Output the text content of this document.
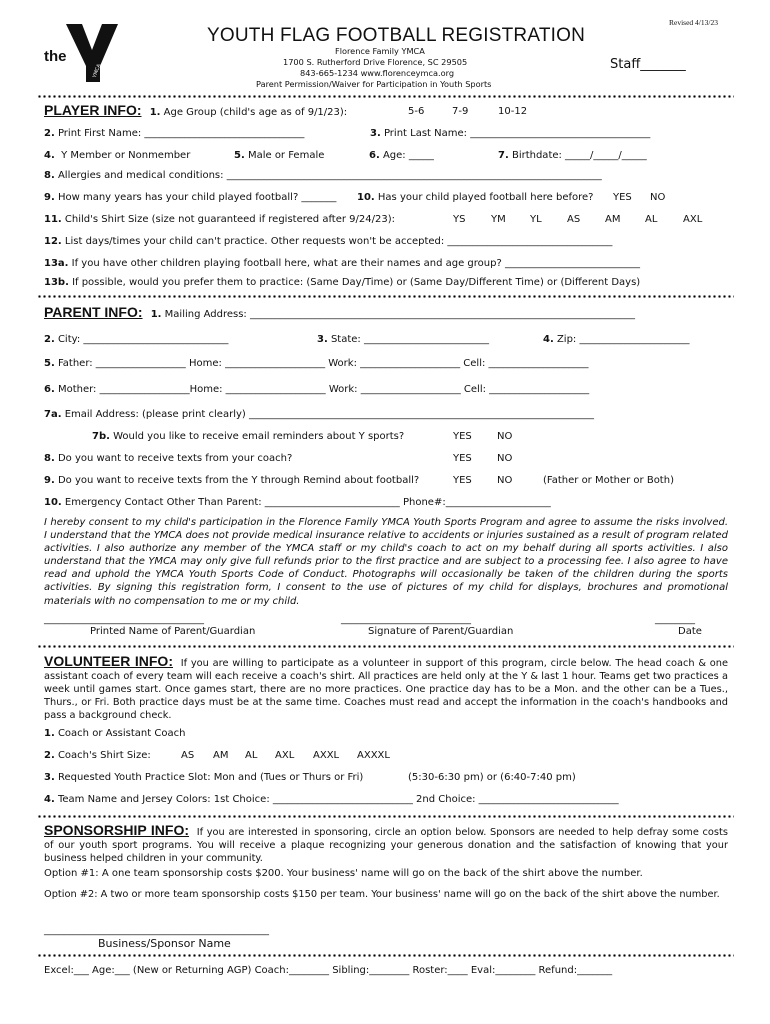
the
YMCA
YOUTH FLAG FOOTBALL REGISTRATION
Revised 4/13/23
Florence Family YMCA
1700 S. Rutherford Drive Florence, SC 29505
843-665-1234 www.florenceymca.org
Parent Permission/Waiver for Participation in Youth Sports
Staff_______
PLAYER INFO: 1. Age Group (child's age as of 9/1/23):	5-6	7-9	10-12
2. Print First Name: ________________________________	3. Print Last Name: ____________________________________
4. Y Member or Nonmember	5. Male or Female	6. Age: _____	7. Birthdate: _____/_____/_____
8. Allergies and medical conditions: ___________________________________________________________________________
9. How many years has your child played football? _______ 10. Has your child played football here before? YES NO
11. Child's Shirt Size (size not guaranteed if registered after 9/24/23):	YS	YM YL	AS AM AL	AXL
12. List days/times your child can't practice. Other requests won't be accepted: _________________________________
13a. If you have other children playing football here, what are their names and age group? ___________________________
13b. If possible, would you prefer them to practice: (Same Day/Time) or (Same Day/Different Time) or (Different Days)
PARENT INFO: 1. Mailing Address: _____________________________________________________________________________
2. City: _____________________________	3. State: _________________________	4. Zip: ______________________
5. Father: __________________ Home: ____________________ Work: ____________________ Cell: ____________________
6. Mother: __________________Home: ____________________ Work: ____________________ Cell: ____________________
7a. Email Address: (please print clearly) _____________________________________________________________________
7b. Would you like to receive email reminders about Y sports?	YES	NO
8. Do you want to receive texts from your coach?	YES	NO
9. Do you want to receive texts from the Y through Remind about football?	YES	NO	(Father or Mother or Both)
10. Emergency Contact Other Than Parent: ___________________________ Phone#:_____________________
I hereby consent to my child's participation in the Florence Family YMCA Youth Sports Program and agree to assume the risks involved. I understand that the YMCA does not provide medical insurance relative to accidents or injuries sustained as a result of program related activities. I also authorize any member of the YMCA staff or my child's coach to act on my behalf during all sports activities. I also understand that the YMCA may only give full refunds prior to the first practice and are subject to a processing fee. I also agree to have read and uphold the YMCA Youth Sports Code of Conduct. Photographs will occasionally be taken of the children during the sports activities. By signing this registration form, I consent to the use of pictures of my child for displays, brochures and promotional materials with no compensation to me or my child.
________________________________	__________________________	________
Printed Name of Parent/Guardian	Signature of Parent/Guardian	Date
VOLUNTEER INFO: If you are willing to participate as a volunteer in support of this program, circle below. The head coach & one assistant coach of every team will each receive a coach's shirt. All practices are held only at the Y & last 1 hour. Teams get two practices a week until games start. Once games start, there are no more practices. One practice day has to be a Mon. and the other can be a Tues., Thurs., or Fri. Both practice days must be at the same time. Coaches must read and accept the information in the coach's handbooks and pass a background check.
1. Coach or Assistant Coach
2. Coach's Shirt Size:	AS AM AL AXL AXXL AXXXL
3. Requested Youth Practice Slot: Mon and (Tues or Thurs or Fri)	(5:30-6:30 pm) or (6:40-7:40 pm)
4. Team Name and Jersey Colors: 1st Choice: ____________________________ 2nd Choice: ____________________________
SPONSORSHIP INFO: If you are interested in sponsoring, circle an option below. Sponsors are needed to help defray some costs of our youth sport programs. You will receive a plaque recognizing your generous donation and the satisfaction of knowing that your business helped children in your community.
Option #1: A one team sponsorship costs $200. Your business' name will go on the back of the shirt above the number.
Option #2: A two or more team sponsorship costs $150 per team. Your business' name will go on the back of the shirt above the number.
_____________________________________________
Business/Sponsor Name
Excel:___ Age:___ (New or Returning AGP) Coach:________ Sibling:________ Roster:____ Eval:________ Refund:_______
